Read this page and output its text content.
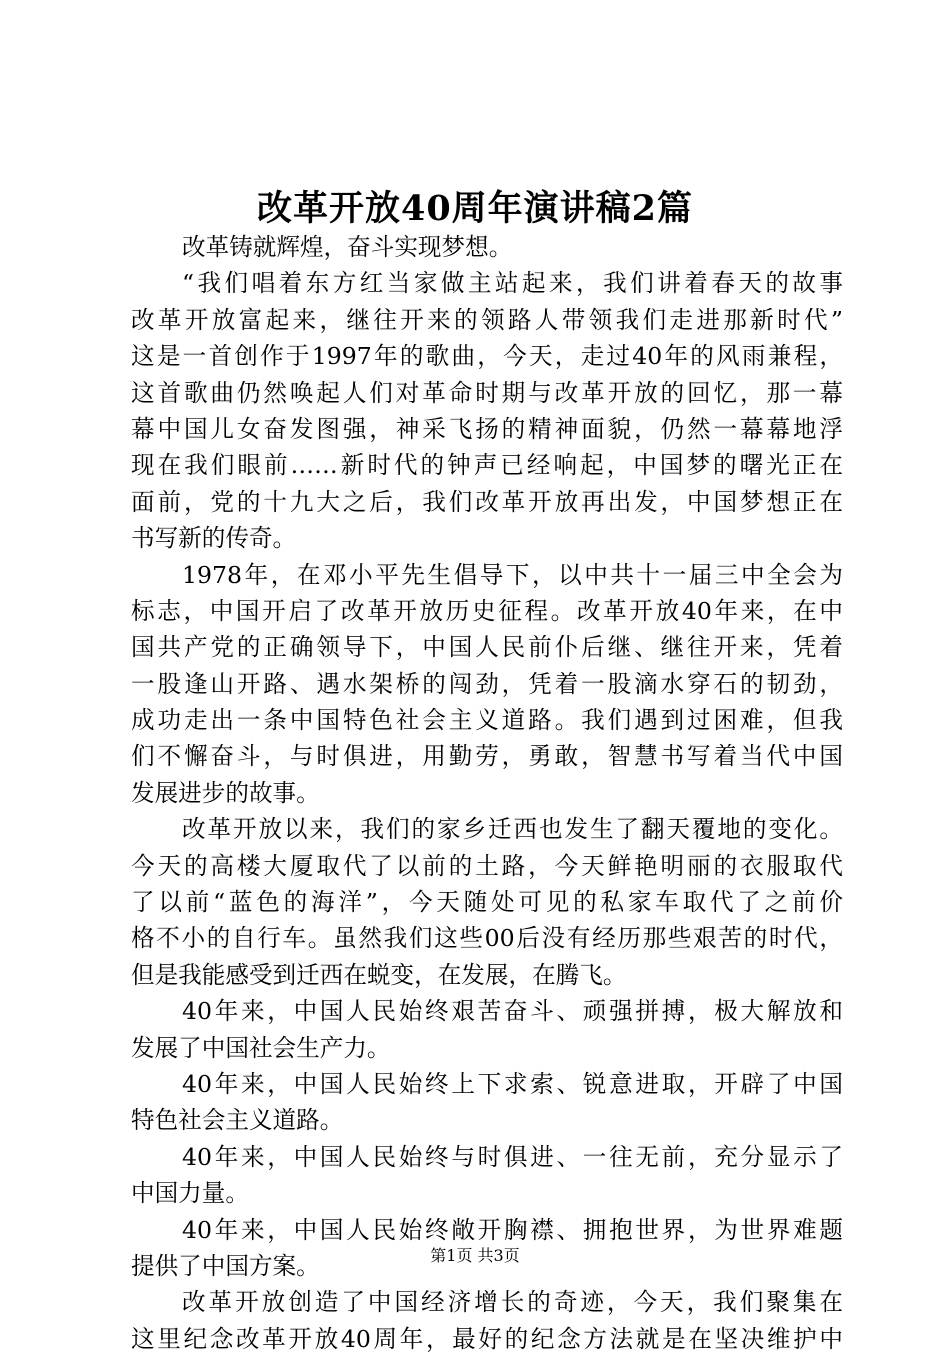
改革开放40周年演讲稿2篇
改革铸就辉煌，奋斗实现梦想。
“我们唱着东方红当家做主站起来，我们讲着春天的故事
改革开放富起来，继往开来的领路人带领我们走进那新时代”
这是一首创作于1997年的歌曲，今天，走过40年的风雨兼程，
这首歌曲仍然唤起人们对革命时期与改革开放的回忆，那一幕
幕中国儿女奋发图强，神采飞扬的精神面貌，仍然一幕幕地浮
现在我们眼前……新时代的钟声已经响起，中国梦的曙光正在
面前，党的十九大之后，我们改革开放再出发，中国梦想正在
书写新的传奇。
1978年，在邓小平先生倡导下，以中共十一届三中全会为
标志，中国开启了改革开放历史征程。改革开放40年来，在中
国共产党的正确领导下，中国人民前仆后继、继往开来，凭着
一股逢山开路、遇水架桥的闯劲，凭着一股滴水穿石的韧劲，
成功走出一条中国特色社会主义道路。我们遇到过困难，但我
们不懈奋斗，与时俱进，用勤劳，勇敢，智慧书写着当代中国
发展进步的故事。
改革开放以来，我们的家乡迁西也发生了翻天覆地的变化。
今天的高楼大厦取代了以前的土路，今天鲜艳明丽的衣服取代
了以前“蓝色的海洋”，今天随处可见的私家车取代了之前价
格不小的自行车。虽然我们这些00后没有经历那些艰苦的时代，
但是我能感受到迁西在蜕变，在发展，在腾飞。
40年来，中国人民始终艰苦奋斗、顽强拼搏，极大解放和
发展了中国社会生产力。
40年来，中国人民始终上下求索、锐意进取，开辟了中国
特色社会主义道路。
40年来，中国人民始终与时俱进、一往无前，充分显示了
中国力量。
40年来，中国人民始终敞开胸襟、拥抱世界，为世界难题
提供了中国方案。
改革开放创造了中国经济增长的奇迹，今天，我们聚集在
这里纪念改革开放40周年，最好的纪念方法就是在坚决维护中
第1页 共3页
